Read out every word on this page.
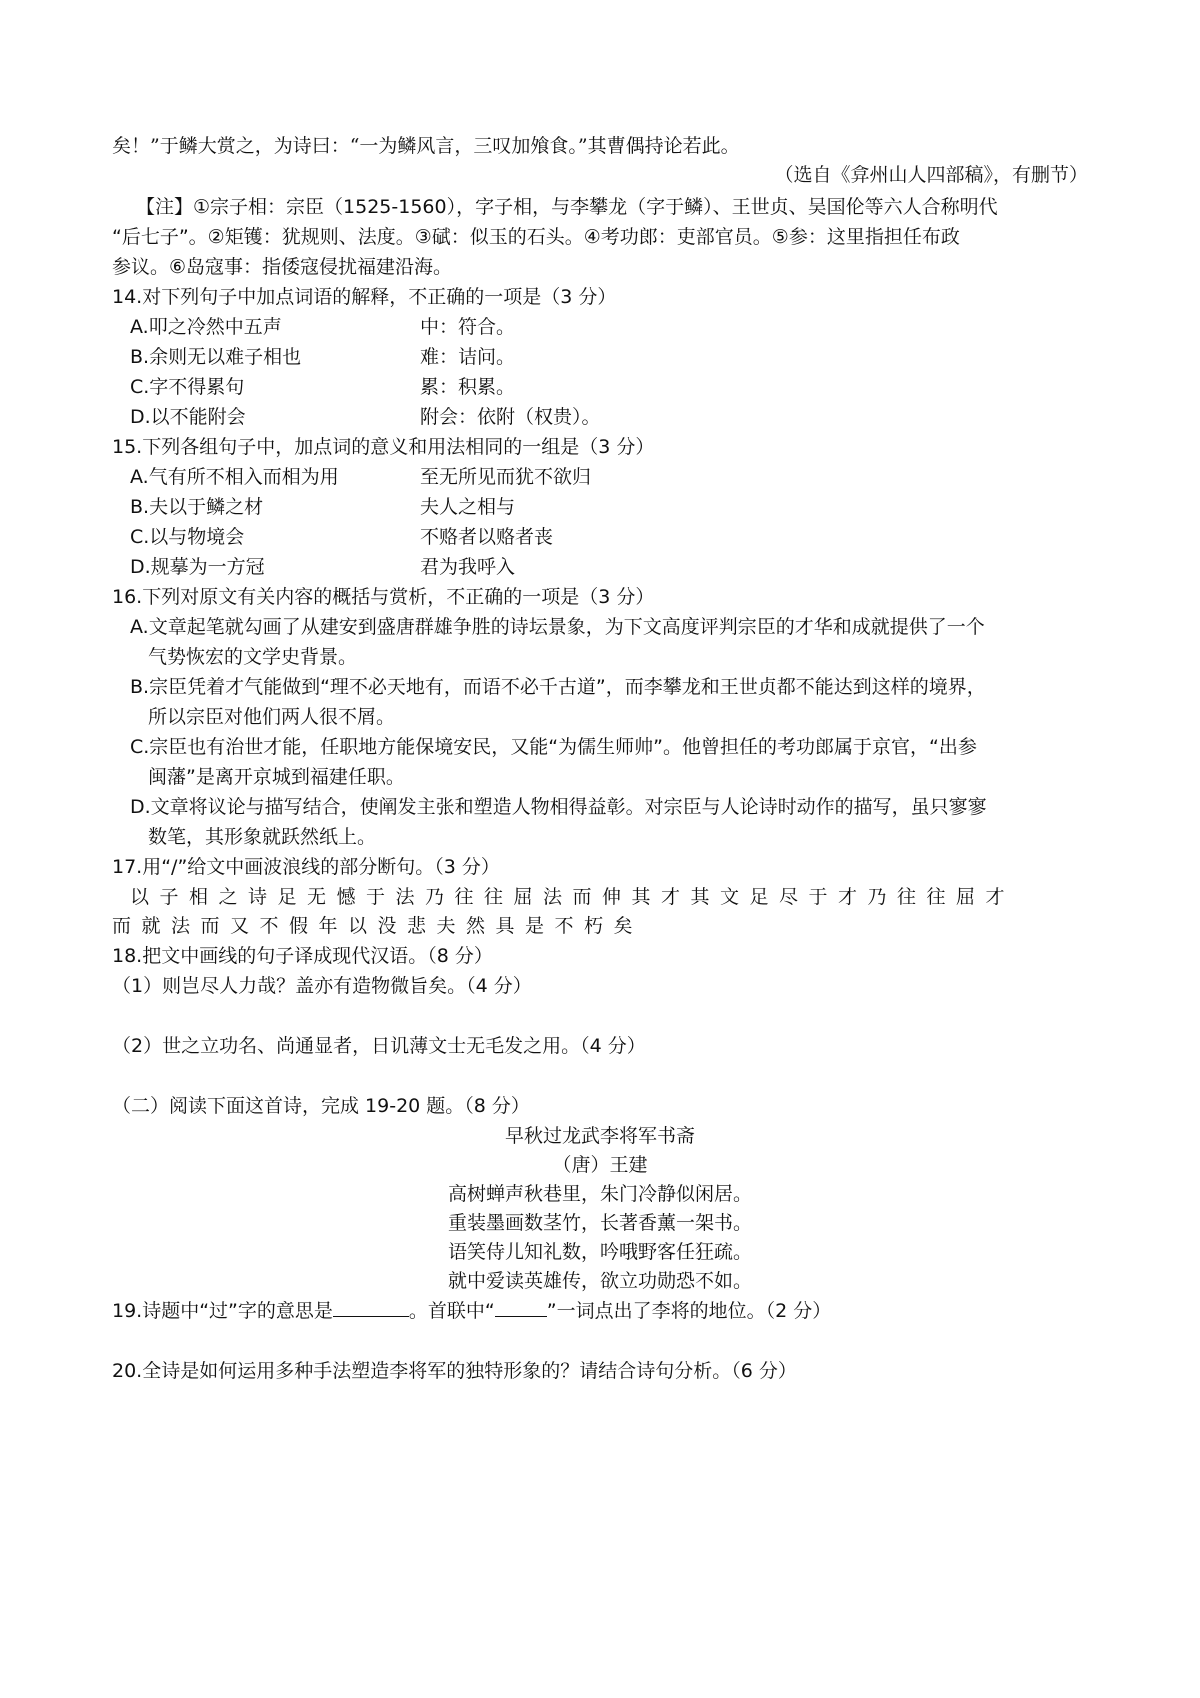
矣！”于鳞大赏之，为诗曰：“一为鳞风言，三叹加飧食。”其曹偶持论若此。
（选自《弇州山人四部稿》，有删节）
【注】①宗子相：宗臣（1525-1560），字子相，与李攀龙（字于鳞）、王世贞、吴国伦等六人合称明代
“后七子”。②矩镬：犹规则、法度。③碔：似玉的石头。④考功郎：吏部官员。⑤参：这里指担任布政
参议。⑥岛寇事：指倭寇侵扰福建沿海。
14.对下列句子中加点词语的解释，不正确的一项是（3 分）
A.叩之冷然中五声	中：符合。
B.余则无以难子相也	难：诘问。
C.字不得累句	累：积累。
D.以不能附会	附会：依附（权贵）。
15.下列各组句子中，加点词的意义和用法相同的一组是（3 分）
A.气有所不相入而相为用	至无所见而犹不欲归
B.夫以于鳞之材	夫人之相与
C.以与物境会	不赂者以赂者丧
D.规摹为一方冠	君为我呼入
16.下列对原文有关内容的概括与赏析，不正确的一项是（3 分）
A.文章起笔就勾画了从建安到盛唐群雄争胜的诗坛景象，为下文高度评判宗臣的才华和成就提供了一个
气势恢宏的文学史背景。
B.宗臣凭着才气能做到“理不必天地有，而语不必千古道”，而李攀龙和王世贞都不能达到这样的境界，
所以宗臣对他们两人很不屑。
C.宗臣也有治世才能，任职地方能保境安民，又能“为儒生师帅”。他曾担任的考功郎属于京官，“出参
闽藩”是离开京城到福建任职。
D.文章将议论与描写结合，使阐发主张和塑造人物相得益彰。对宗臣与人论诗时动作的描写，虽只寥寥
数笔，其形象就跃然纸上。
17.用“/”给文中画波浪线的部分断句。（3 分）
以子相之诗足无憾于法乃往往屈法而伸其才其文足尽于才乃往往屈才
而就法而又不假年以没悲夫然具是不朽矣
18.把文中画线的句子译成现代汉语。（8 分）
（1）则岂尽人力哉？盖亦有造物微旨矣。（4 分）
（2）世之立功名、尚通显者，日讥薄文士无毛发之用。（4 分）
（二）阅读下面这首诗，完成 19-20 题。（8 分）
早秋过龙武李将军书斋
（唐）王建
高树蝉声秋巷里，朱门冷静似闲居。
重装墨画数茎竹，长著香薰一架书。
语笑侍儿知礼数，吟哦野客任狂疏。
就中爱读英雄传，欲立功勋恐不如。
19.诗题中“过”字的意思是	。首联中“	”一词点出了李将的地位。（2 分）
20.全诗是如何运用多种手法塑造李将军的独特形象的？请结合诗句分析。（6 分）
